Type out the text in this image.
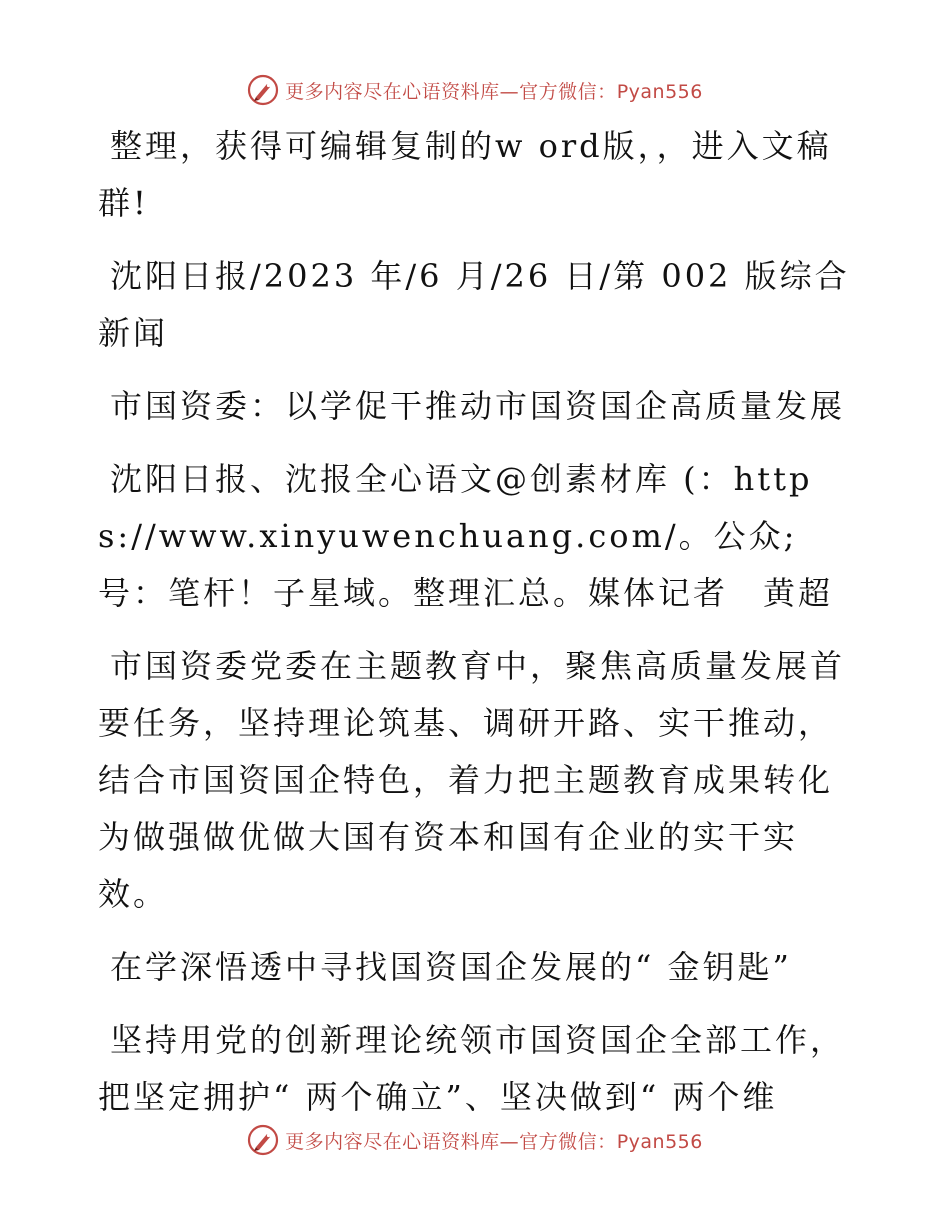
更多内容尽在心语资料库—官方微信：Pyan556

整理，获得可编辑复制的w ord版，，进入文稿群!

沈阳日报/2023 年/6 月/26 日/第 002 版综合新闻

市国资委：以学促干推动市国资国企高质量发展

沈阳日报、沈报全心语文@创素材库 (：https://www.xinyuwenchuang.com/。公众;号：笔杆！子星域。整理汇总。媒体记者　黄超

市国资委党委在主题教育中，聚焦高质量发展首要任务，坚持理论筑基、调研开路、实干推动，结合市国资国企特色，着力把主题教育成果转化为做强做优做大国有资本和国有企业的实干实效。

在学深悟透中寻找国资国企发展的“ 金钥匙”

坚持用党的创新理论统领市国资国企全部工作，把坚定拥护“ 两个确立”、坚决做到“ 两个维

更多内容尽在心语资料库—官方微信：Pyan556
